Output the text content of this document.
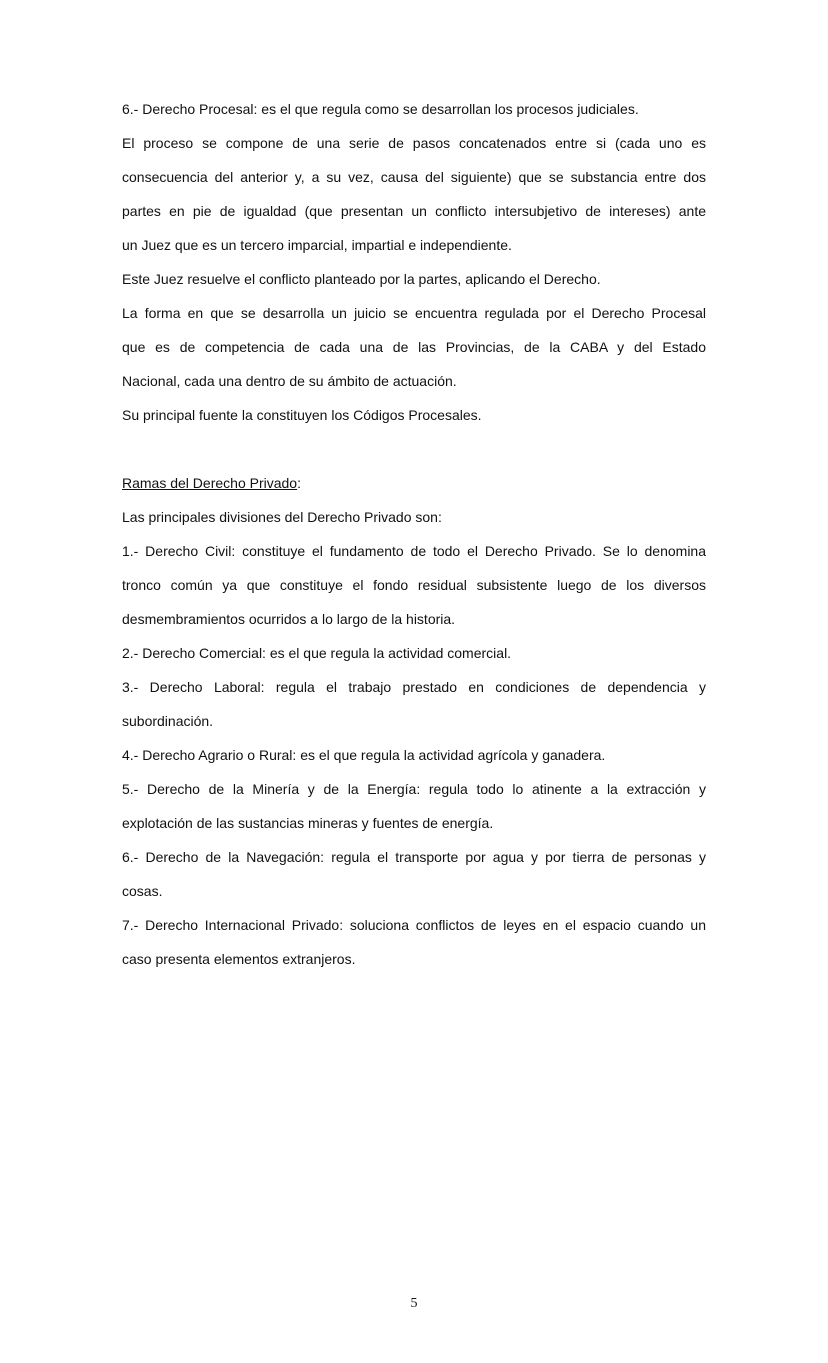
6.- Derecho Procesal: es el que regula como se desarrollan los procesos judiciales.
El proceso se compone de una serie de pasos concatenados entre si (cada uno es
consecuencia del anterior y, a su vez, causa del siguiente) que se substancia entre dos
partes en pie de igualdad (que presentan un conflicto intersubjetivo de intereses) ante
un Juez que es un tercero imparcial, impartial e independiente.
Este Juez resuelve el conflicto planteado por la partes, aplicando el Derecho.
La forma en que se desarrolla un juicio se encuentra regulada por el Derecho Procesal
que es de competencia de cada una de las Provincias, de la CABA y del Estado
Nacional, cada una dentro de su ámbito de actuación.
Su principal fuente la constituyen los Códigos Procesales.
Ramas del Derecho Privado:
Las principales divisiones del Derecho Privado son:
1.- Derecho Civil: constituye el fundamento de todo el Derecho Privado. Se lo denomina
tronco común ya que constituye el fondo residual subsistente luego de los diversos
desmembramientos ocurridos a lo largo de la historia.
2.- Derecho Comercial: es el que regula la actividad comercial.
3.- Derecho Laboral: regula el trabajo prestado en condiciones de dependencia y
subordinación.
4.- Derecho Agrario o Rural: es el que regula la actividad agrícola y ganadera.
5.- Derecho de la Minería y de la Energía: regula todo lo atinente a la extracción y
explotación de las sustancias mineras y fuentes de energía.
6.- Derecho de la Navegación: regula el transporte por agua y por tierra de personas y
cosas.
7.- Derecho Internacional Privado: soluciona conflictos de leyes en el espacio cuando un
caso presenta elementos extranjeros.
5
